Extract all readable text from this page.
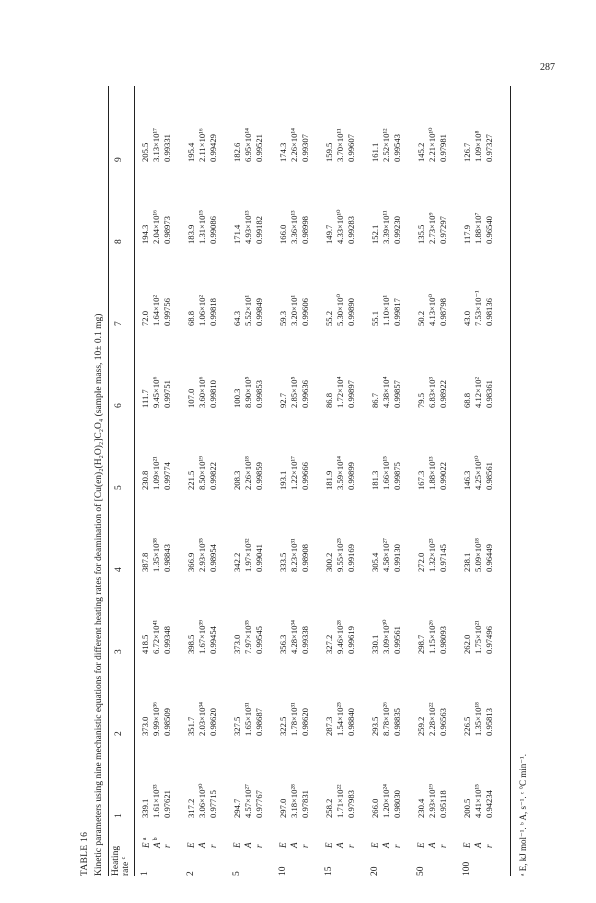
287
TABLE 16 Kinetic parameters using nine mechanistic equations for different heating rates for deamination of [Cu(en)₂(H₂O)₂]C₂O₄ (sample mass, 10± 0.1 mg) Heating
rate $^c$
1
2
3
4
5
6
7
8
9
1
E $^a$
A $^b$
r
339.1 1.61×10³³ 0.97621
373.0 9.99×10³⁶ 0.98509
418.5 6.72×10⁴¹ 0.99348
387.8 1.35×10³⁸ 0.98843
230.8 1.09×10²¹ 0.99774
111.7 9.45×10⁶ 0.99751
72.0 1.64×10² 0.99756
194.3 2.04×10¹⁶ 0.98973
205.5 3.13×10¹⁷ 0.99331
2
E A r
317.2 3.06×10³⁰ 0.97715
351.7 2.03×10³⁴ 0.98620
398.5 1.67×10³⁹ 0.99454
366.9 2.93×10³⁵ 0.98954
221.5 8.50×10¹⁹ 0.99822
107.0 3.60×10⁶ 0.99810
68.8 1.06×10² 0.99818
183.9 1.31×10¹⁵ 0.99086
195.4 2.11×10¹⁶ 0.99429
5
E A r
294.7 4.57×10²⁷ 0.97767
327.5 1.65×10³¹ 0.98687
373.0 7.97×10³⁵ 0.99545
342.2 1.97×10³² 0.99041
208.3 2.26×10¹⁸ 0.99859
100.3 8.90×10⁵ 0.99853
64.3 5.52×10¹ 0.99849
171.4 4.93×10¹³ 0.99182
182.6 6.95×10¹⁴ 0.99521
10
E A r
297.0 3.18×10²⁸ 0.97831
322.5 1.78×10³¹ 0.98620
356.3 4.28×10³⁴ 0.99338
333.5 8.23×10³¹ 0.98908
193.1 1.22×10¹⁷ 0.99666
92.7 2.85×10⁵ 0.99636
59.3 3.20×10¹ 0.99606
166.0 3.36×10¹³ 0.98998
174.3 2.26×10¹⁴ 0.99307
15
E A r
258.2 1.71×10²² 0.97983
287.3 1.54×10²⁵ 0.98840
327.2 9.46×10²⁸ 0.99619
300.2 9.55×10²⁵ 0.99169
181.9 3.59×10¹⁴ 0.99899
86.8 1.72×10⁴ 0.99897
55.2 5.30×10⁰ 0.99890
149.7 4.33×10¹⁰ 0.99283
159.5 3.70×10¹¹ 0.99607
20
E A r
266.0 1.20×10²⁴ 0.98030
293.5 8.78×10²⁶ 0.98835
330.1 3.09×10³⁰ 0.99561
305.4 4.58×10²⁷ 0.99130
181.3 1.66×10¹⁵ 0.99875
86.7 4.38×10⁴ 0.99857
55.1 1.10×10¹ 0.99817
152.1 3.39×10¹¹ 0.99230
161.1 2.52×10¹² 0.99543
50
E A r
230.4 2.93×10¹⁹ 0.95118
259.2 2.28×10²² 0.96563
298.7 1.15×10²⁶ 0.98093
272.0 1.32×10²³ 0.97145
167.3 1.88×10¹³ 0.99022
79.5 6.83×10³ 0.98922
50.2 4.13×10⁰ 0.98798
135.5 2.73×10⁹ 0.97297
145.2 2.21×10¹⁰ 0.97981
100
E A r
200.5 4.41×10¹⁵ 0.94234
226.5 1.35×10¹⁸ 0.95813
262.0 1.75×10²¹ 0.97496
238.1 5.09×10¹⁸ 0.96449
146.3 4.25×10¹⁰ 0.98561
68.8 4.12×10² 0.98361
43.0 7.53×10⁻¹ 0.98136
117.9 1.88×10⁷ 0.96540
126.7 1.09×10⁸ 0.97327
ᵃ E, kJ mol⁻¹. ᵇ A, s⁻¹. ᶜ °C min⁻¹.
